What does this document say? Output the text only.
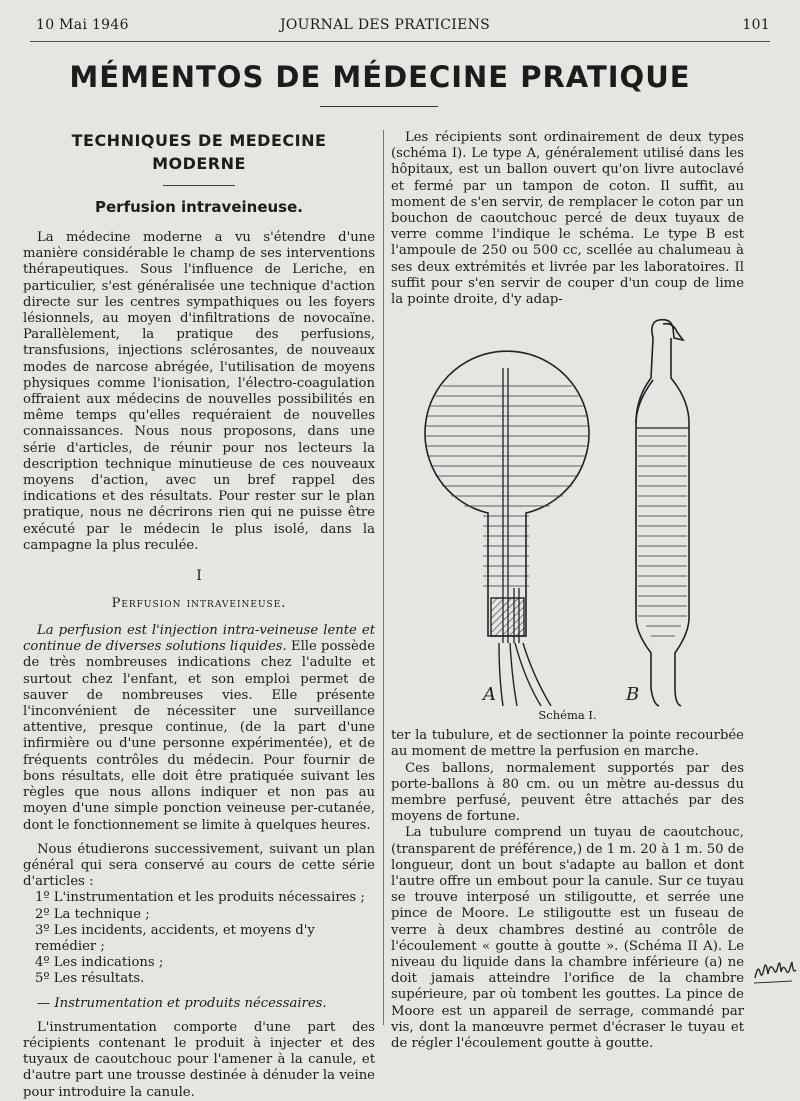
10 Mai 1946	JOURNAL DES PRATICIENS	101
MÉMENTOS DE MÉDECINE PRATIQUE
TECHNIQUES DE MEDECINE
MODERNE
Perfusion intraveineuse.

La médecine moderne a vu s'étendre d'une manière considérable le champ de ses interventions thérapeutiques. Sous l'influence de Leriche, en particulier, s'est généralisée une technique d'action directe sur les centres sympathiques ou les foyers lésionnels, au moyen d'infiltrations de novocaïne. Parallèlement, la pratique des perfusions, transfusions, injections sclérosantes, de nouveaux modes de narcose abrégée, l'utilisation de moyens physiques comme l'ionisation, l'électro-coagulation offraient aux médecins de nouvelles possibilités en même temps qu'elles requéraient de nouvelles connaissances. Nous nous proposons, dans une série d'articles, de réunir pour nos lecteurs la description technique minutieuse de ces nouveaux moyens d'action, avec un bref rappel des indications et des résultats. Pour rester sur le plan pratique, nous ne décrirons rien qui ne puisse être exécuté par le médecin le plus isolé, dans la campagne la plus reculée.

I
Perfusion intraveineuse.

La perfusion est l'injection intra-veineuse lente et continue de diverses solutions liquides. Elle possède de très nombreuses indications chez l'adulte et surtout chez l'enfant, et son emploi permet de sauver de nombreuses vies. Elle présente l'inconvénient de nécessiter une surveillance attentive, presque continue, (de la part d'une infirmière ou d'une personne expérimentée), et de fréquents contrôles du médecin. Pour fournir de bons résultats, elle doit être pratiquée suivant les règles que nous allons indiquer et non pas au moyen d'une simple ponction veineuse per-cutanée, dont le fonctionnement se limite à quelques heures.

Nous étudierons successivement, suivant un plan général qui sera conservé au cours de cette série d'articles :

1º L'instrumentation et les produits nécessaires ;
2º La technique ;
3º Les incidents, accidents, et moyens d'y remédier ;
4º Les indications ;
5º Les résultats.

— Instrumentation et produits nécessaires.

L'instrumentation comporte d'une part des récipients contenant le produit à injecter et des tuyaux de caoutchouc pour l'amener à la canule, et d'autre part une trousse destinée à dénuder la veine pour introduire la canule.

Les récipients sont ordinairement de deux types (schéma I). Le type A, généralement utilisé dans les hôpitaux, est un ballon ouvert qu'on livre autoclavé et fermé par un tampon de coton. Il suffit, au moment de s'en servir, de remplacer le coton par un bouchon de caoutchouc percé de deux tuyaux de verre comme l'indique le schéma. Le type B est l'ampoule de 250 ou 500 cc, scellée au chalumeau à ses deux extrémités et livrée par les laboratoires. Il suffit pour s'en servir de couper d'un coup de lime la pointe droite, d'y adap-

A	B
Schéma I.

ter la tubulure, et de sectionner la pointe recourbée au moment de mettre la perfusion en marche.

Ces ballons, normalement supportés par des porte-ballons à 80 cm. ou un mètre au-dessus du membre perfusé, peuvent être attachés par des moyens de fortune.

La tubulure comprend un tuyau de caoutchouc, (transparent de préférence,) de 1 m. 20 à 1 m. 50 de longueur, dont un bout s'adapte au ballon et dont l'autre offre un embout pour la canule. Sur ce tuyau se trouve interposé un stiligoutte, et serrée une pince de Moore. Le stiligoutte est un fuseau de verre à deux chambres destiné au contrôle de l'écoulement « goutte à goutte ». (Schéma II A). Le niveau du liquide dans la chambre inférieure (a) ne doit jamais atteindre l'orifice de la chambre supérieure, par où tombent les gouttes. La pince de Moore est un appareil de serrage, commandé par vis, dont la manœuvre permet d'écraser le tuyau et de régler l'écoulement goutte à goutte.
